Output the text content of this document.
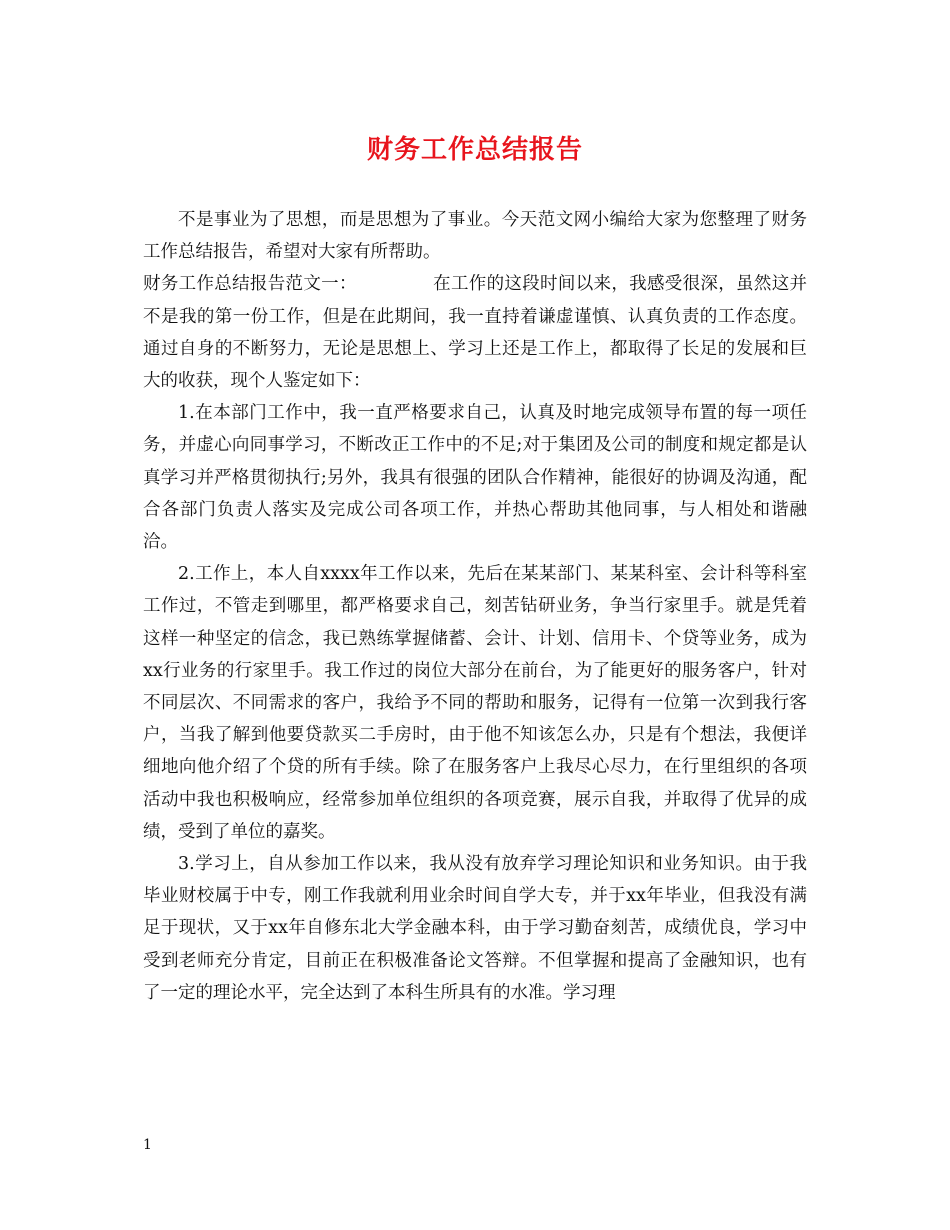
财务工作总结报告

不是事业为了思想，而是思想为了事业。今天范文网小编给大家为您整理了财务工作总结报告，希望对大家有所帮助。

财务工作总结报告范文一：	在工作的这段时间以来，我感受很深，虽然这并不是我的第一份工作，但是在此期间，我一直持着谦虚谨慎、认真负责的工作态度。通过自身的不断努力，无论是思想上、学习上还是工作上，都取得了长足的发展和巨大的收获，现个人鉴定如下：

1.在本部门工作中，我一直严格要求自己，认真及时地完成领导布置的每一项任务，并虚心向同事学习，不断改正工作中的不足;对于集团及公司的制度和规定都是认真学习并严格贯彻执行;另外，我具有很强的团队合作精神，能很好的协调及沟通，配合各部门负责人落实及完成公司各项工作，并热心帮助其他同事，与人相处和谐融洽。

2.工作上，本人自xxxx年工作以来，先后在某某部门、某某科室、会计科等科室工作过，不管走到哪里，都严格要求自己，刻苦钻研业务，争当行家里手。就是凭着这样一种坚定的信念，我已熟练掌握储蓄、会计、计划、信用卡、个贷等业务，成为xx行业务的行家里手。我工作过的岗位大部分在前台，为了能更好的服务客户，针对不同层次、不同需求的客户，我给予不同的帮助和服务，记得有一位第一次到我行客户，当我了解到他要贷款买二手房时，由于他不知该怎么办，只是有个想法，我便详细地向他介绍了个贷的所有手续。除了在服务客户上我尽心尽力，在行里组织的各项活动中我也积极响应，经常参加单位组织的各项竞赛，展示自我，并取得了优异的成绩，受到了单位的嘉奖。

3.学习上，自从参加工作以来，我从没有放弃学习理论知识和业务知识。由于我毕业财校属于中专，刚工作我就利用业余时间自学大专，并于xx年毕业，但我没有满足于现状，又于xx年自修东北大学金融本科，由于学习勤奋刻苦，成绩优良，学习中受到老师充分肯定，目前正在积极准备论文答辩。不但掌握和提高了金融知识，也有了一定的理论水平，完全达到了本科生所具有的水准。学习理

1
